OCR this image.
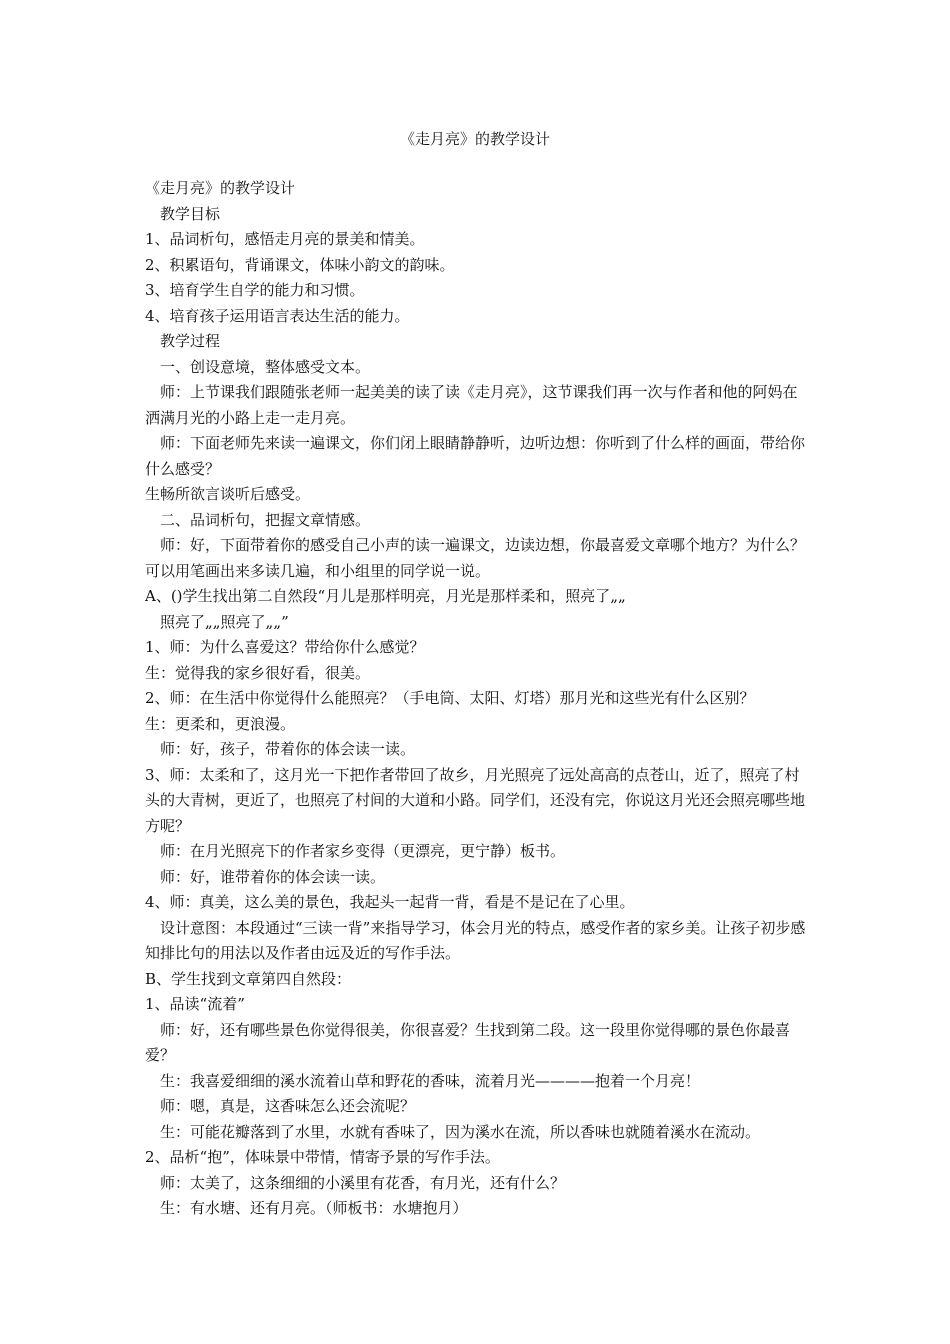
《走月亮》的教学设计

《走月亮》的教学设计

教学目标

1、品词析句，感悟走月亮的景美和情美。

2、积累语句，背诵课文，体味小韵文的韵味。

3、培育学生自学的能力和习惯。

4、培育孩子运用语言表达生活的能力。

教学过程

一、创设意境，整体感受文本。

师：上节课我们跟随张老师一起美美的读了读《走月亮》，这节课我们再一次与作者和他的阿妈在洒满月光的小路上走一走月亮。

师：下面老师先来读一遍课文，你们闭上眼睛静静听，边听边想：你听到了什么样的画面，带给你什么感受？

生畅所欲言谈听后感受。

二、品词析句，把握文章情感。

师：好，下面带着你的感受自己小声的读一遍课文，边读边想，你最喜爱文章哪个地方？为什么？可以用笔画出来多读几遍，和小组里的同学说一说。

A、()学生找出第二自然段“月儿是那样明亮，月光是那样柔和，照亮了„„

照亮了„„照亮了„„”

1、师：为什么喜爱这？带给你什么感觉？

生：觉得我的家乡很好看，很美。

2、师：在生活中你觉得什么能照亮？（手电筒、太阳、灯塔）那月光和这些光有什么区别？

生：更柔和，更浪漫。

师：好，孩子，带着你的体会读一读。

3、师：太柔和了，这月光一下把作者带回了故乡，月光照亮了远处高高的点苍山，近了，照亮了村头的大青树，更近了，也照亮了村间的大道和小路。同学们，还没有完，你说这月光还会照亮哪些地方呢？

师：在月光照亮下的作者家乡变得（更漂亮，更宁静）板书。

师：好，谁带着你的体会读一读。

4、师：真美，这么美的景色，我起头一起背一背，看是不是记在了心里。

设计意图：本段通过“三读一背”来指导学习，体会月光的特点，感受作者的家乡美。让孩子初步感知排比句的用法以及作者由远及近的写作手法。

B、学生找到文章第四自然段：

1、品读“流着”

师：好，还有哪些景色你觉得很美，你很喜爱？生找到第二段。这一段里你觉得哪的景色你最喜爱？

生：我喜爱细细的溪水流着山草和野花的香味，流着月光————抱着一个月亮！

师：嗯，真是，这香味怎么还会流呢？

生：可能花瓣落到了水里，水就有香味了，因为溪水在流，所以香味也就随着溪水在流动。

2、品析“抱”，体味景中带情，情寄予景的写作手法。

师：太美了，这条细细的小溪里有花香，有月光，还有什么？

生：有水塘、还有月亮。（师板书：水塘抱月）
